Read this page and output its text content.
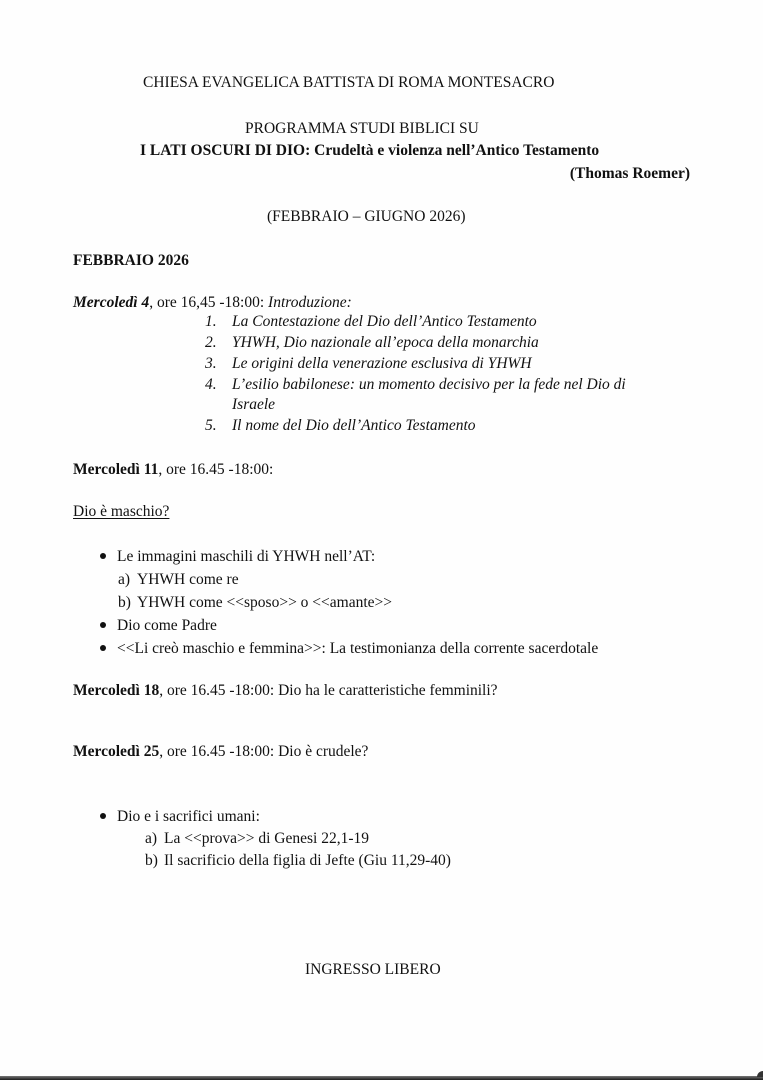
CHIESA EVANGELICA BATTISTA DI ROMA MONTESACRO
PROGRAMMA STUDI BIBLICI SU
I LATI OSCURI DI DIO: Crudeltà e violenza nell’Antico Testamento
(Thomas Roemer)
(FEBBRAIO – GIUGNO 2026)
FEBBRAIO 2026
Mercoledì 4, ore 16,45 -18:00: Introduzione:
1. La Contestazione del Dio dell’Antico Testamento
2. YHWH, Dio nazionale all’epoca della monarchia
3. Le origini della venerazione esclusiva di YHWH
4. L’esilio babilonese: un momento decisivo per la fede nel Dio di
Israele
5. Il nome del Dio dell’Antico Testamento
Mercoledì 11, ore 16.45 -18:00:
Dio è maschio?
Le immagini maschili di YHWH nell’AT:
a) YHWH come re
b) YHWH come <<sposo>> o <<amante>>
Dio come Padre
<<Li creò maschio e femmina>>: La testimonianza della corrente sacerdotale
Mercoledì 18, ore 16.45 -18:00: Dio ha le caratteristiche femminili?
Mercoledì 25, ore 16.45 -18:00: Dio è crudele?
Dio e i sacrifici umani:
a) La <<prova>> di Genesi 22,1-19
b) Il sacrificio della figlia di Jefte (Giu 11,29-40)
INGRESSO LIBERO
